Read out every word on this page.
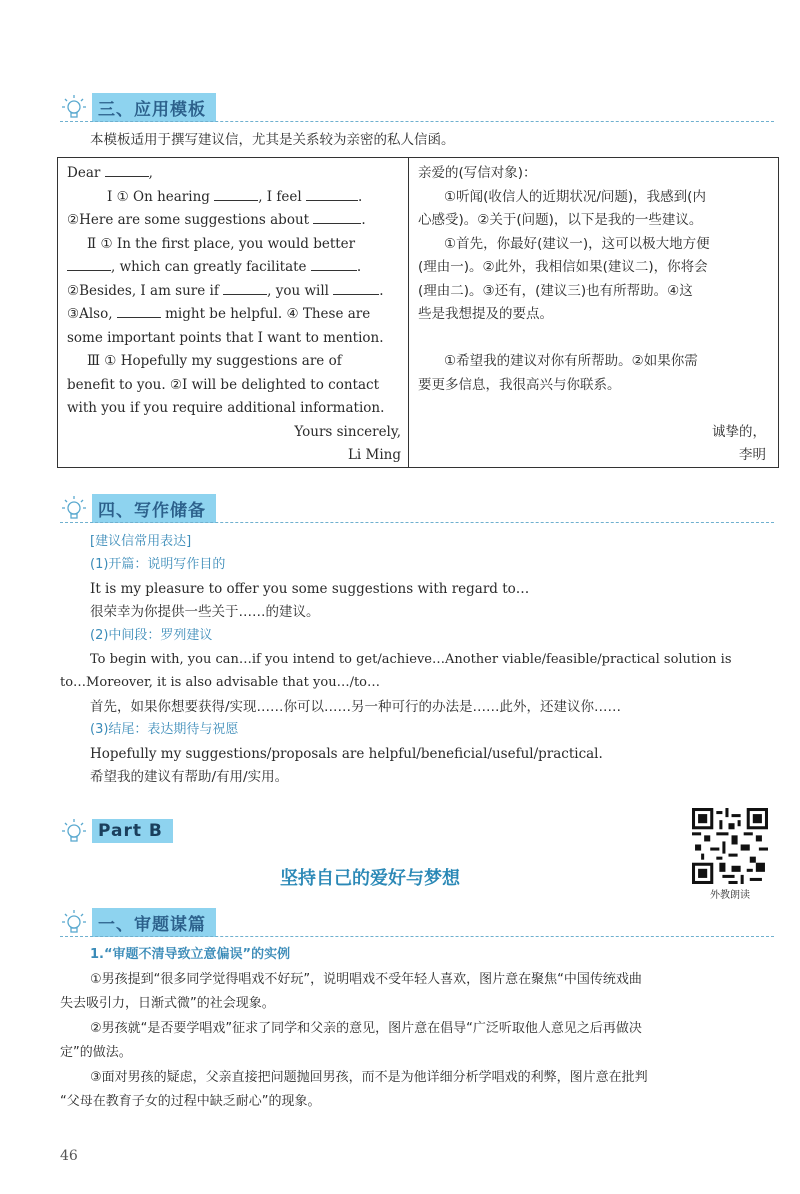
三、应用模板
本模板适用于撰写建议信，尤其是关系较为亲密的私人信函。

Dear	,

Ⅰ ① On hearing	, I feel	.

②Here are some suggestions about	.

Ⅱ ① In the first place, you would better

, which can greatly facilitate	.

②Besides, I am sure if	, you will	.

③Also,	might be helpful. ④ These are

some important points that I want to mention.

Ⅲ ① Hopefully my suggestions are of

benefit to you. ②I will be delighted to contact

with you if you require additional information.

Yours sincerely,

Li Ming

亲爱的(写信对象)：

①听闻(收信人的近期状况/问题)，我感到(内

心感受)。②关于(问题)，以下是我的一些建议。

①首先，你最好(建议一)，这可以极大地方便

(理由一)。②此外，我相信如果(建议二)，你将会

(理由二)。③还有，(建议三)也有所帮助。④这

些是我想提及的要点。

①希望我的建议对你有所帮助。②如果你需

要更多信息，我很高兴与你联系。

诚挚的，

李明

四、写作储备
[建议信常用表达]
(1)开篇：说明写作目的
It is my pleasure to offer you some suggestions with regard to…
很荣幸为你提供一些关于……的建议。
(2)中间段：罗列建议
To begin with, you can…if you intend to get/achieve…Another viable/feasible/practical solution is
to…Moreover, it is also advisable that you…/to…
首先，如果你想要获得/实现……你可以……另一种可行的办法是……此外，还建议你……
(3)结尾：表达期待与祝愿
Hopefully my suggestions/proposals are helpful/beneficial/useful/practical.
希望我的建议有帮助/有用/实用。
Part B
坚持自己的爱好与梦想
外教朗读
一、审题谋篇
1.“审题不清导致立意偏误”的实例
①男孩提到“很多同学觉得唱戏不好玩”，说明唱戏不受年轻人喜欢，图片意在聚焦“中国传统戏曲
失去吸引力，日渐式微”的社会现象。
②男孩就“是否要学唱戏”征求了同学和父亲的意见，图片意在倡导“广泛听取他人意见之后再做决
定”的做法。
③面对男孩的疑虑，父亲直接把问题抛回男孩，而不是为他详细分析学唱戏的利弊，图片意在批判
“父母在教育子女的过程中缺乏耐心”的现象。
46
